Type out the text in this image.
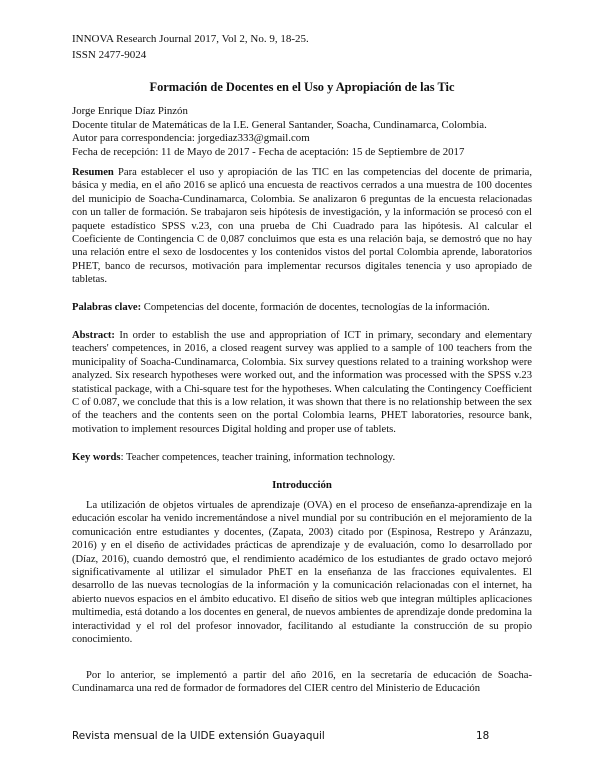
INNOVA Research Journal 2017, Vol 2, No. 9, 18-25.
ISSN 2477-9024
Formación de Docentes en el Uso y Apropiación de las Tic
Jorge Enrique Díaz Pinzón
Docente titular de Matemáticas de la I.E. General Santander, Soacha, Cundinamarca, Colombia.
Autor para correspondencia: jorgediaz333@gmail.com
Fecha de recepción: 11 de Mayo de 2017 - Fecha de aceptación: 15 de Septiembre de 2017

Resumen Para establecer el uso y apropiación de las TIC en las competencias del docente de primaria, básica y media, en el año 2016 se aplicó una encuesta de reactivos cerrados a una muestra de 100 docentes del municipio de Soacha-Cundinamarca, Colombia. Se analizaron 6 preguntas de la encuesta relacionadas con un taller de formación. Se trabajaron seis hipótesis de investigación, y la información se procesó con el paquete estadístico SPSS v.23, con una prueba de Chi Cuadrado para las hipótesis. Al calcular el Coeficiente de Contingencia C de 0,087 concluimos que esta es una relación baja, se demostró que no hay una relación entre el sexo de losdocentes y los contenidos vistos del portal Colombia aprende, laboratorios PHET, banco de recursos, motivación para implementar recursos digitales tenencia y uso apropiado de tabletas.

Palabras clave: Competencias del docente, formación de docentes, tecnologías de la información.

Abstract: In order to establish the use and appropriation of ICT in primary, secondary and elementary teachers' competences, in 2016, a closed reagent survey was applied to a sample of 100 teachers from the municipality of Soacha-Cundinamarca, Colombia. Six survey questions related to a training workshop were analyzed. Six research hypotheses were worked out, and the information was processed with the SPSS v.23 statistical package, with a Chi-square test for the hypotheses. When calculating the Contingency Coefficient C of 0.087, we conclude that this is a low relation, it was shown that there is no relationship between the sex of the teachers and the contents seen on the portal Colombia learns, PHET laboratories, resource bank, motivation to implement resources Digital holding and proper use of tablets.

Key words: Teacher competences, teacher training, information technology.

Introducción

La utilización de objetos virtuales de aprendizaje (OVA) en el proceso de enseñanza-aprendizaje en la educación escolar ha venido incrementándose a nivel mundial por su contribución en el mejoramiento de la comunicación entre estudiantes y docentes, (Zapata, 2003) citado por (Espinosa, Restrepo y Aránzazu, 2016) y en el diseño de actividades prácticas de aprendizaje y de evaluación, como lo desarrollado por (Díaz, 2016), cuando demostró que, el rendimiento académico de los estudiantes de grado octavo mejoró significativamente al utilizar el simulador PhET en la enseñanza de las fracciones equivalentes. El desarrollo de las nuevas tecnologías de la información y la comunicación relacionadas con el internet, ha abierto nuevos espacios en el ámbito educativo. El diseño de sitios web que integran múltiples aplicaciones multimedia, está dotando a los docentes en general, de nuevos ambientes de aprendizaje donde predomina la interactividad y el rol del profesor innovador, facilitando al estudiante la construcción de su propio conocimiento.

Por lo anterior, se implementó a partir del año 2016, en la secretaría de educación de Soacha-Cundinamarca una red de formador de formadores del CIER centro del Ministerio de Educación

Revista mensual de la UIDE extensión Guayaquil	18
